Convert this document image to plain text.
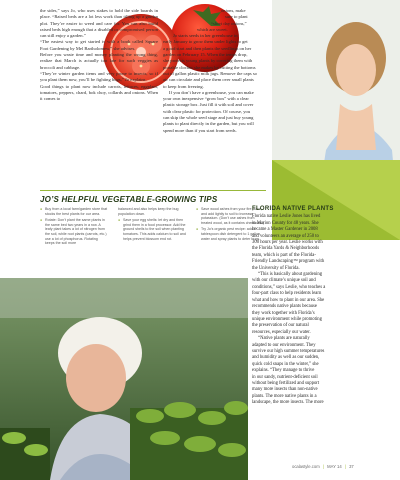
the sides,” says Jo, who uses stakes to hold the side boards in place. “Raised beds are a lot less work than tilling up a garden plot. They’re easier to weed and care for. You can also build raised beds high enough that a disabled or compromised person can still enjoy a garden.”

“The easiest way to get started is with a book called Square Foot Gardening by Mel Bartholomew,” she advises.

Before you waste time and money planting the wrong thing, realize that March is actually too late for such veggies as broccoli and cabbage.

“They’re winter garden items and very prone to insects, so if you plant them now, you’ll be fighting bugs,” Jo explains.

Good things to plant now include carrots, lettuces, eggplant, tomatoes, peppers, chard, bok choy, collards and onions. When it comes to

onions, make
sure to plant
“short day onions,”
which are sweet.
Jo starts seeds in her greenhouse in
early January to grow them under lights to get
a good start and then plants the seedlings on her
garden on February 15. When the temps drop,
she protects young plants by covering them with
portable cloches she makes by cutting the bottoms
out of gallon plastic milk jugs. Remove the caps so
air can circulate and place them over small plants
to keep from freezing.
If you don’t have a greenhouse, you can make
your own inexpensive “grow box” with a clear
plastic storage box. Just fill it with soil and cover
with clear plastic for protection. Of course, you
can skip the whole seed stage and just buy young
plants to plant directly in the garden, but you will
spend more than if you start from seeds.
JO’S HELPFUL VEGETABLE-GROWING TIPS
● Buy from a local farm/garden store that stocks the best plants for our area.
● Rotate: Don’t plant the same plants in the same bed two years in a row. A leafy plant takes a lot of nitrogen from the soil, while root plants (carrots, etc.) use a lot of phosphorus. Rotating keeps the soil more
balanced and also helps keep the bug population down.
● Save your egg shells: let dry and then grind them in a food processor. Add the ground shells to the soil when planting tomatoes. This adds calcium to soil and helps prevent blossom end rot.
● Save wood ashes from your fire place, and add lightly to soil to increase potassium. (Don’t use ashes from treated wood, as it contains chemicals.)
● Try Jo’s organic pest recipe: add 1 tablespoon dish detergent to 1 gallon water and spray plants to deter bugs.
FLORIDA NATIVE PLANTS

Florida native Leslie Jones has lived
in Marion County for 48 years. She
became a Master Gardener in 2008
and volunteers an average of 250 to
300 hours per year. Leslie works with
the Florida Yards & Neighborhoods
team, which is part of the Florida-
Friendly Landscaping™ program with
the University of Florida.
“This is basically about gardening
with our climate’s unique soil and
conditions,” says Leslie, who teaches a
four-part class to help residents learn
what and how to plant in our area. She
recommends native plants because
they work together with Florida’s
unique environment while promoting
the preservation of our natural
resources, especially our water.
“Native plants are naturally
adapted to our environment. They
survive our high summer temperatures
and humidity as well as our sudden,
quick cold snaps in the winter,” she
explains. “They manage to thrive
in our sandy, nutrient-deficient soil
without being fertilized and support
many more insects than non-native
plants. The more native plants in a
landscape, the more insects. The more

ocalastyle.com | MAY 14 | 37
